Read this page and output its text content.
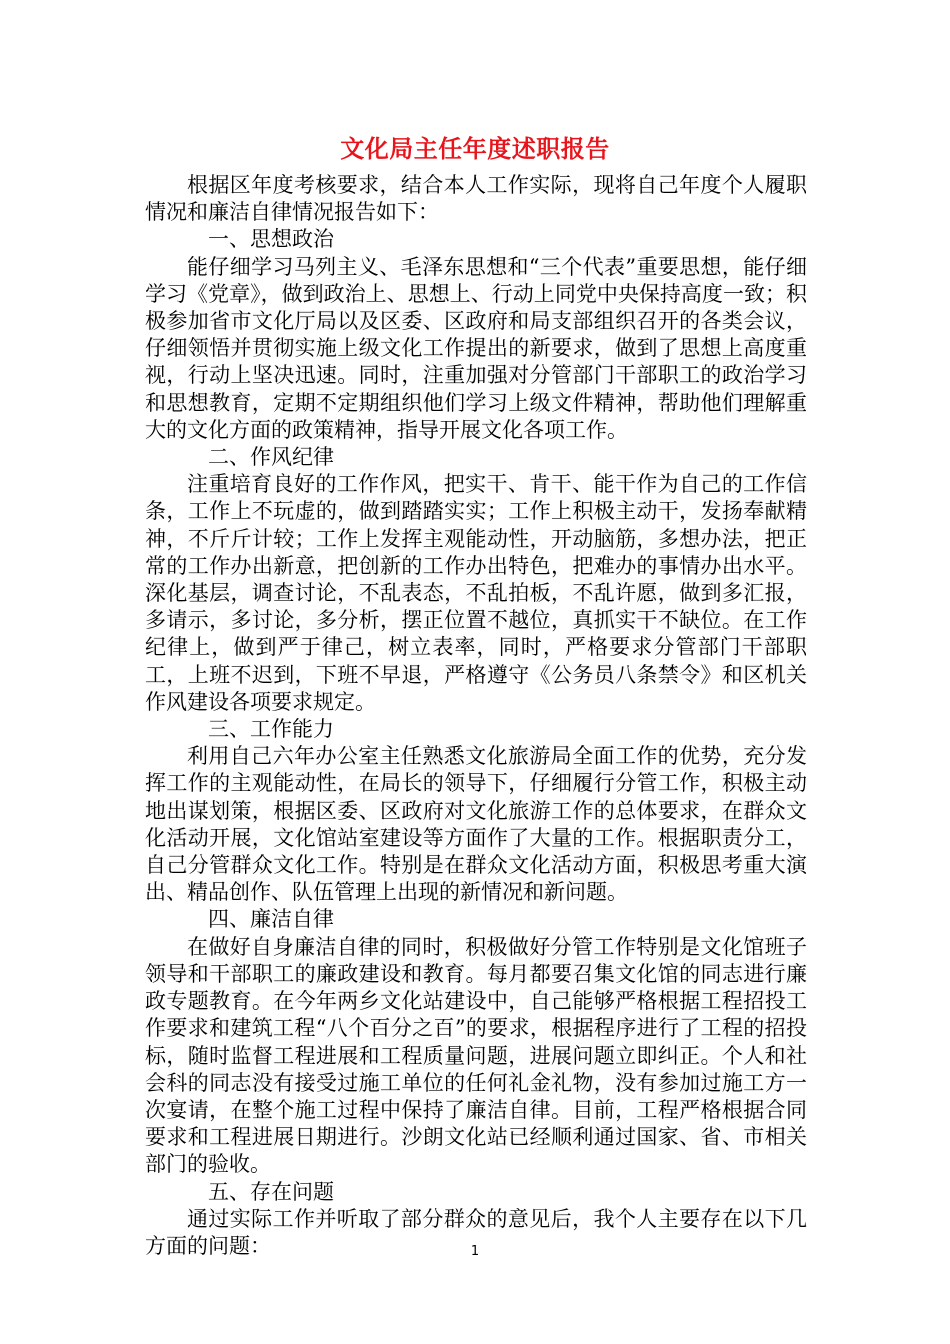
文化局主任年度述职报告

根据区年度考核要求，结合本人工作实际，现将自己年度个人履职情况和廉洁自律情况报告如下：

一、思想政治

能仔细学习马列主义、毛泽东思想和“三个代表”重要思想，能仔细学习《党章》，做到政治上、思想上、行动上同党中央保持高度一致；积极参加省市文化厅局以及区委、区政府和局支部组织召开的各类会议，仔细领悟并贯彻实施上级文化工作提出的新要求，做到了思想上高度重视，行动上坚决迅速。同时，注重加强对分管部门干部职工的政治学习和思想教育，定期不定期组织他们学习上级文件精神，帮助他们理解重大的文化方面的政策精神，指导开展文化各项工作。

二、作风纪律

注重培育良好的工作作风，把实干、肯干、能干作为自己的工作信条，工作上不玩虚的，做到踏踏实实；工作上积极主动干，发扬奉献精神，不斤斤计较；工作上发挥主观能动性，开动脑筋，多想办法，把正常的工作办出新意，把创新的工作办出特色，把难办的事情办出水平。深化基层，调查讨论，不乱表态，不乱拍板，不乱许愿，做到多汇报，多请示，多讨论，多分析，摆正位置不越位，真抓实干不缺位。在工作纪律上，做到严于律己，树立表率，同时，严格要求分管部门干部职工，上班不迟到，下班不早退，严格遵守《公务员八条禁令》和区机关作风建设各项要求规定。

三、工作能力

利用自己六年办公室主任熟悉文化旅游局全面工作的优势，充分发挥工作的主观能动性，在局长的领导下，仔细履行分管工作，积极主动地出谋划策，根据区委、区政府对文化旅游工作的总体要求，在群众文化活动开展，文化馆站室建设等方面作了大量的工作。根据职责分工，自己分管群众文化工作。特别是在群众文化活动方面，积极思考重大演出、精品创作、队伍管理上出现的新情况和新问题。

四、廉洁自律

在做好自身廉洁自律的同时，积极做好分管工作特别是文化馆班子领导和干部职工的廉政建设和教育。每月都要召集文化馆的同志进行廉政专题教育。在今年两乡文化站建设中，自己能够严格根据工程招投工作要求和建筑工程“八个百分之百”的要求，根据程序进行了工程的招投标，随时监督工程进展和工程质量问题，进展问题立即纠正。个人和社会科的同志没有接受过施工单位的任何礼金礼物，没有参加过施工方一次宴请，在整个施工过程中保持了廉洁自律。目前，工程严格根据合同要求和工程进展日期进行。沙朗文化站已经顺利通过国家、省、市相关部门的验收。

五、存在问题

通过实际工作并听取了部分群众的意见后，我个人主要存在以下几方面的问题：	1
